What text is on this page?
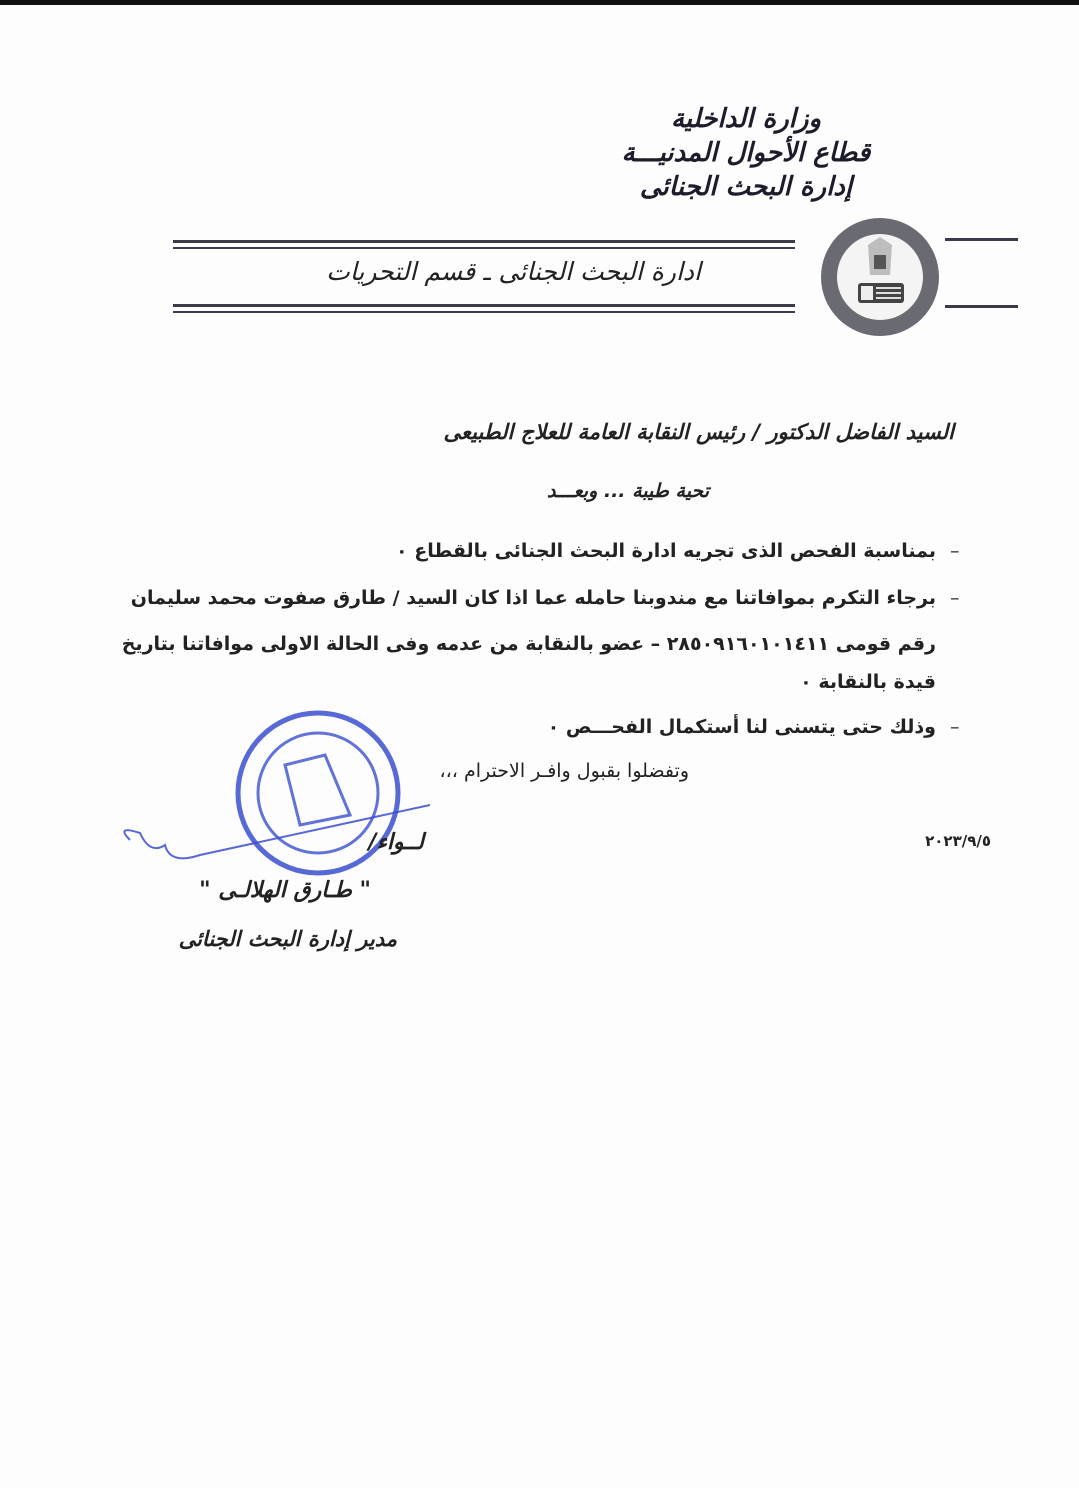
وزارة الداخلية
قطاع الأحوال المدنيـــة
إدارة البحث الجنائى
ادارة البحث الجنائى ـ قسم التحريات
السيد الفاضل الدكتور / رئيس النقابة العامة للعلاج الطبيعى
تحية طيبة ... وبعـــد
–
بمناسبة الفحص الذى تجريه ادارة البحث الجنائى بالقطاع ٠
–
برجاء التكرم بموافاتنا مع مندوبنا حامله عما اذا كان السيد / طارق صفوت محمد سليمان
رقم قومى ٢٨٥٠٩١٦٠١٠١٤١١ – عضو بالنقابة من عدمه وفى الحالة الاولى موافاتنا بتاريخ
قيدة بالنقابة ٠
–
وذلك حتى يتسنى لنا أستكمال الفحـــص ٠
وتفضلوا بقبول وافـر الاحترام ،،،
٢٠٢٣/٩/٥
لــواء/
" طـارق الهلالـى "
مدير إدارة البحث الجنائى
